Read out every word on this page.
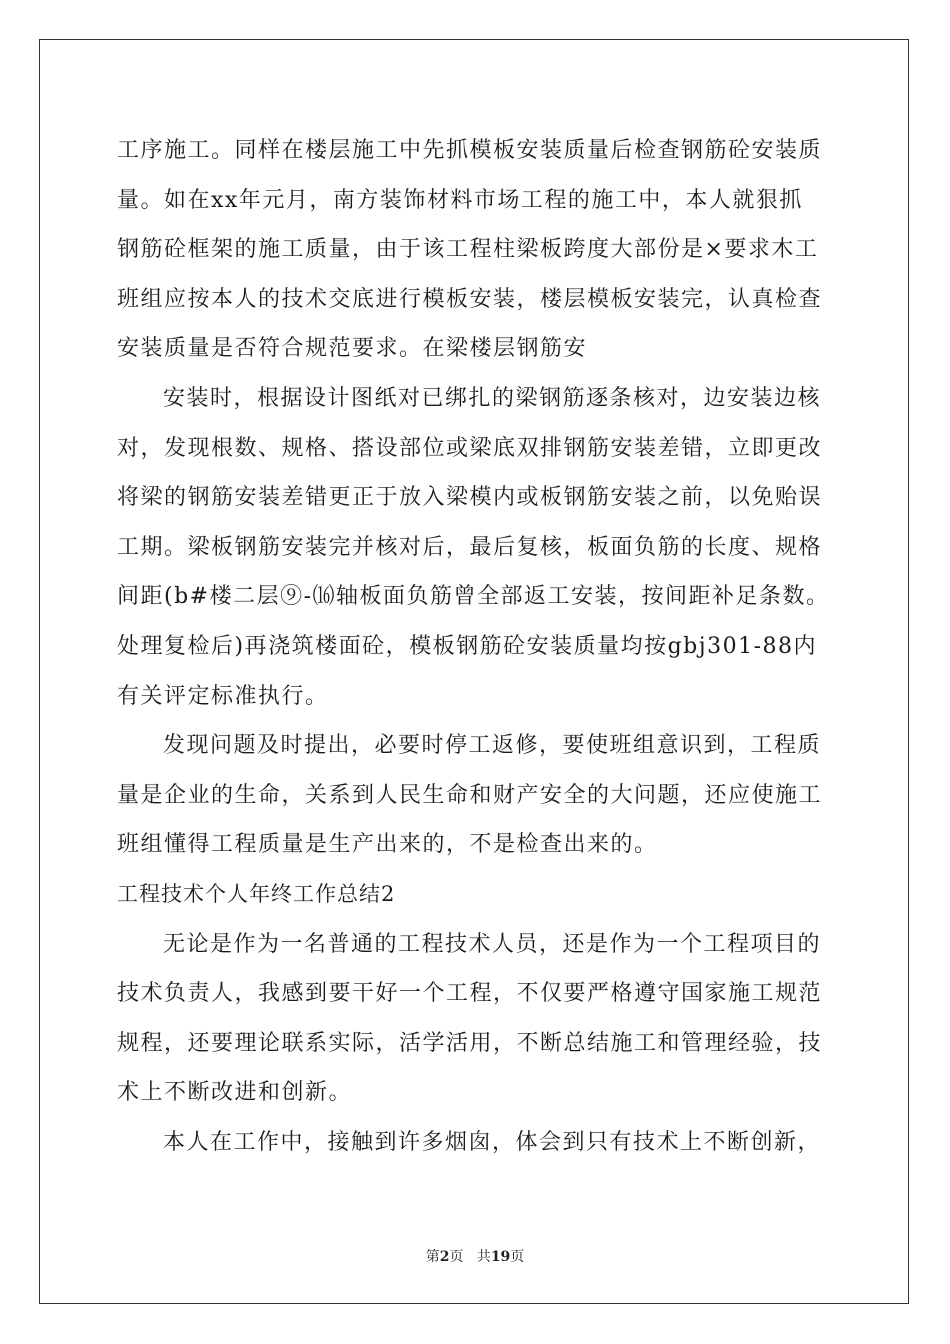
工序施工。同样在楼层施工中先抓模板安装质量后检查钢筋砼安装质
量。如在xx年元月，南方装饰材料市场工程的施工中，本人就狠抓
钢筋砼框架的施工质量，由于该工程柱梁板跨度大部份是×要求木工
班组应按本人的技术交底进行模板安装，楼层模板安装完，认真检查
安装质量是否符合规范要求。在梁楼层钢筋安
安装时，根据设计图纸对已绑扎的梁钢筋逐条核对，边安装边核
对，发现根数、规格、搭设部位或梁底双排钢筋安装差错，立即更改
将梁的钢筋安装差错更正于放入梁模内或板钢筋安装之前，以免贻误
工期。梁板钢筋安装完并核对后，最后复核，板面负筋的长度、规格
间距(b#楼二层⑨-⒃轴板面负筋曾全部返工安装，按间距补足条数。
处理复检后)再浇筑楼面砼，模板钢筋砼安装质量均按gbj301-88内
有关评定标准执行。
发现问题及时提出，必要时停工返修，要使班组意识到，工程质
量是企业的生命，关系到人民生命和财产安全的大问题，还应使施工
班组懂得工程质量是生产出来的，不是检查出来的。
工程技术个人年终工作总结2
无论是作为一名普通的工程技术人员，还是作为一个工程项目的
技术负责人，我感到要干好一个工程，不仅要严格遵守国家施工规范
规程，还要理论联系实际，活学活用，不断总结施工和管理经验，技
术上不断改进和创新。
本人在工作中，接触到许多烟囱，体会到只有技术上不断创新，
第2页 共19页
